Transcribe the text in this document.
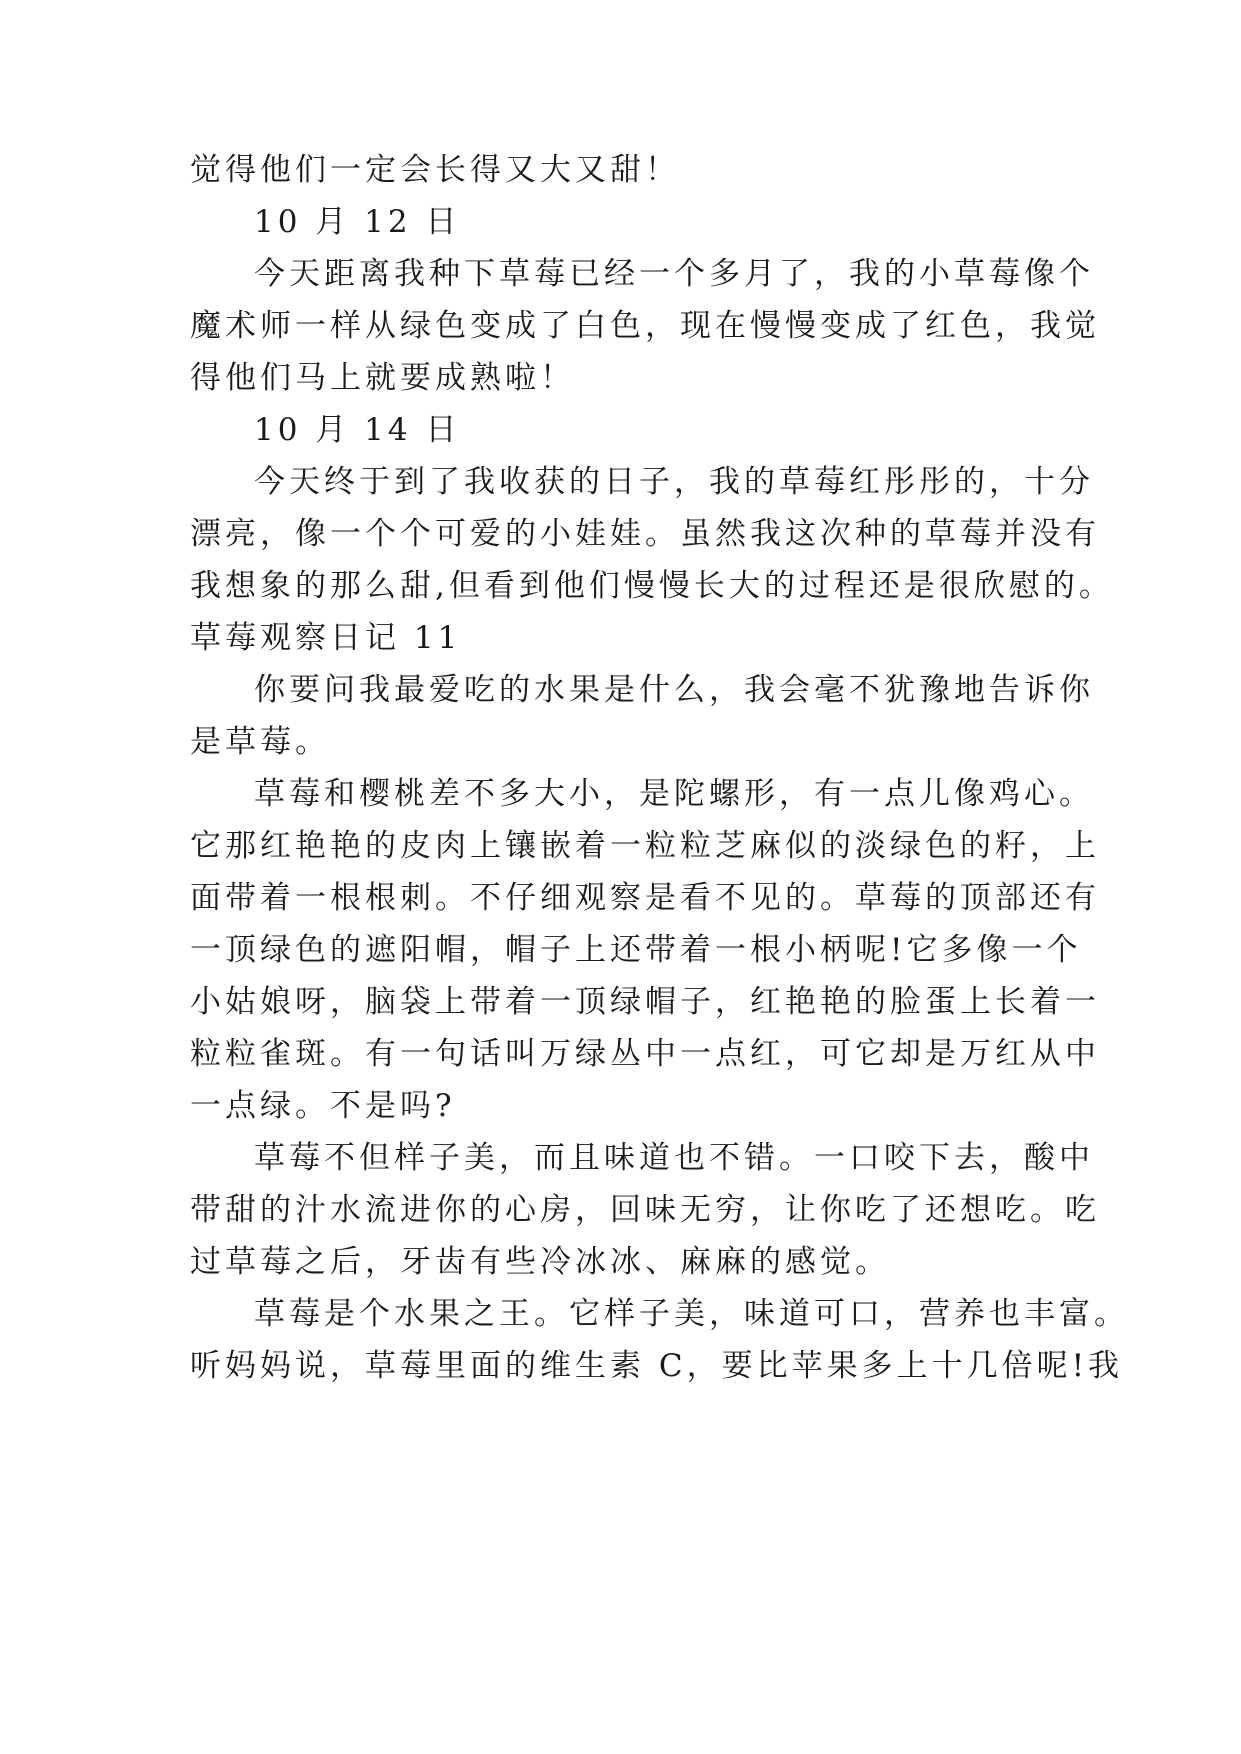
觉得他们一定会长得又大又甜！
10 月 12 日
今天距离我种下草莓已经一个多月了，我的小草莓像个
魔术师一样从绿色变成了白色，现在慢慢变成了红色，我觉
得他们马上就要成熟啦！
10 月 14 日
今天终于到了我收获的日子，我的草莓红彤彤的，十分
漂亮，像一个个可爱的小娃娃。虽然我这次种的草莓并没有
我想象的那么甜,但看到他们慢慢长大的过程还是很欣慰的。
草莓观察日记 11
你要问我最爱吃的水果是什么，我会毫不犹豫地告诉你
是草莓。
草莓和樱桃差不多大小，是陀螺形，有一点儿像鸡心。
它那红艳艳的皮肉上镶嵌着一粒粒芝麻似的淡绿色的籽，上
面带着一根根刺。不仔细观察是看不见的。草莓的顶部还有
一顶绿色的遮阳帽，帽子上还带着一根小柄呢!它多像一个
小姑娘呀，脑袋上带着一顶绿帽子，红艳艳的脸蛋上长着一
粒粒雀斑。有一句话叫万绿丛中一点红，可它却是万红从中
一点绿。不是吗?
草莓不但样子美，而且味道也不错。一口咬下去，酸中
带甜的汁水流进你的心房，回味无穷，让你吃了还想吃。吃
过草莓之后，牙齿有些冷冰冰、麻麻的感觉。
草莓是个水果之王。它样子美，味道可口，营养也丰富。
听妈妈说，草莓里面的维生素 C，要比苹果多上十几倍呢!我
